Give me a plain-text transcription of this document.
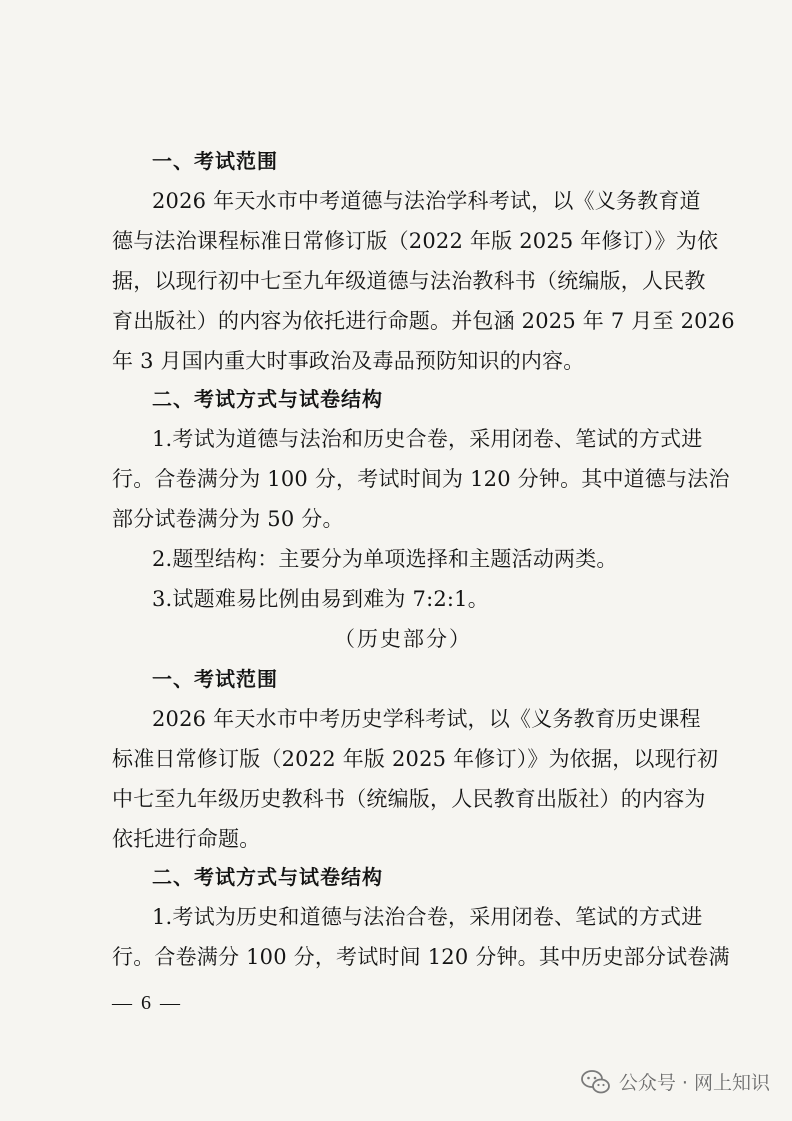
一、考试范围
2026 年天水市中考道德与法治学科考试，以《义务教育道
德与法治课程标准日常修订版（2022 年版 2025 年修订）》为依
据，以现行初中七至九年级道德与法治教科书（统编版，人民教
育出版社）的内容为依托进行命题。并包涵 2025 年 7 月至 2026
年 3 月国内重大时事政治及毒品预防知识的内容。
二、考试方式与试卷结构
1.考试为道德与法治和历史合卷，采用闭卷、笔试的方式进
行。合卷满分为 100 分，考试时间为 120 分钟。其中道德与法治
部分试卷满分为 50 分。
2.题型结构：主要分为单项选择和主题活动两类。
3.试题难易比例由易到难为 7:2:1。
（历史部分）
一、考试范围
2026 年天水市中考历史学科考试，以《义务教育历史课程
标准日常修订版（2022 年版 2025 年修订）》为依据，以现行初
中七至九年级历史教科书（统编版，人民教育出版社）的内容为
依托进行命题。
二、考试方式与试卷结构
1.考试为历史和道德与法治合卷，采用闭卷、笔试的方式进
行。合卷满分 100 分，考试时间 120 分钟。其中历史部分试卷满
— 6 —
公众号 · 网上知识
